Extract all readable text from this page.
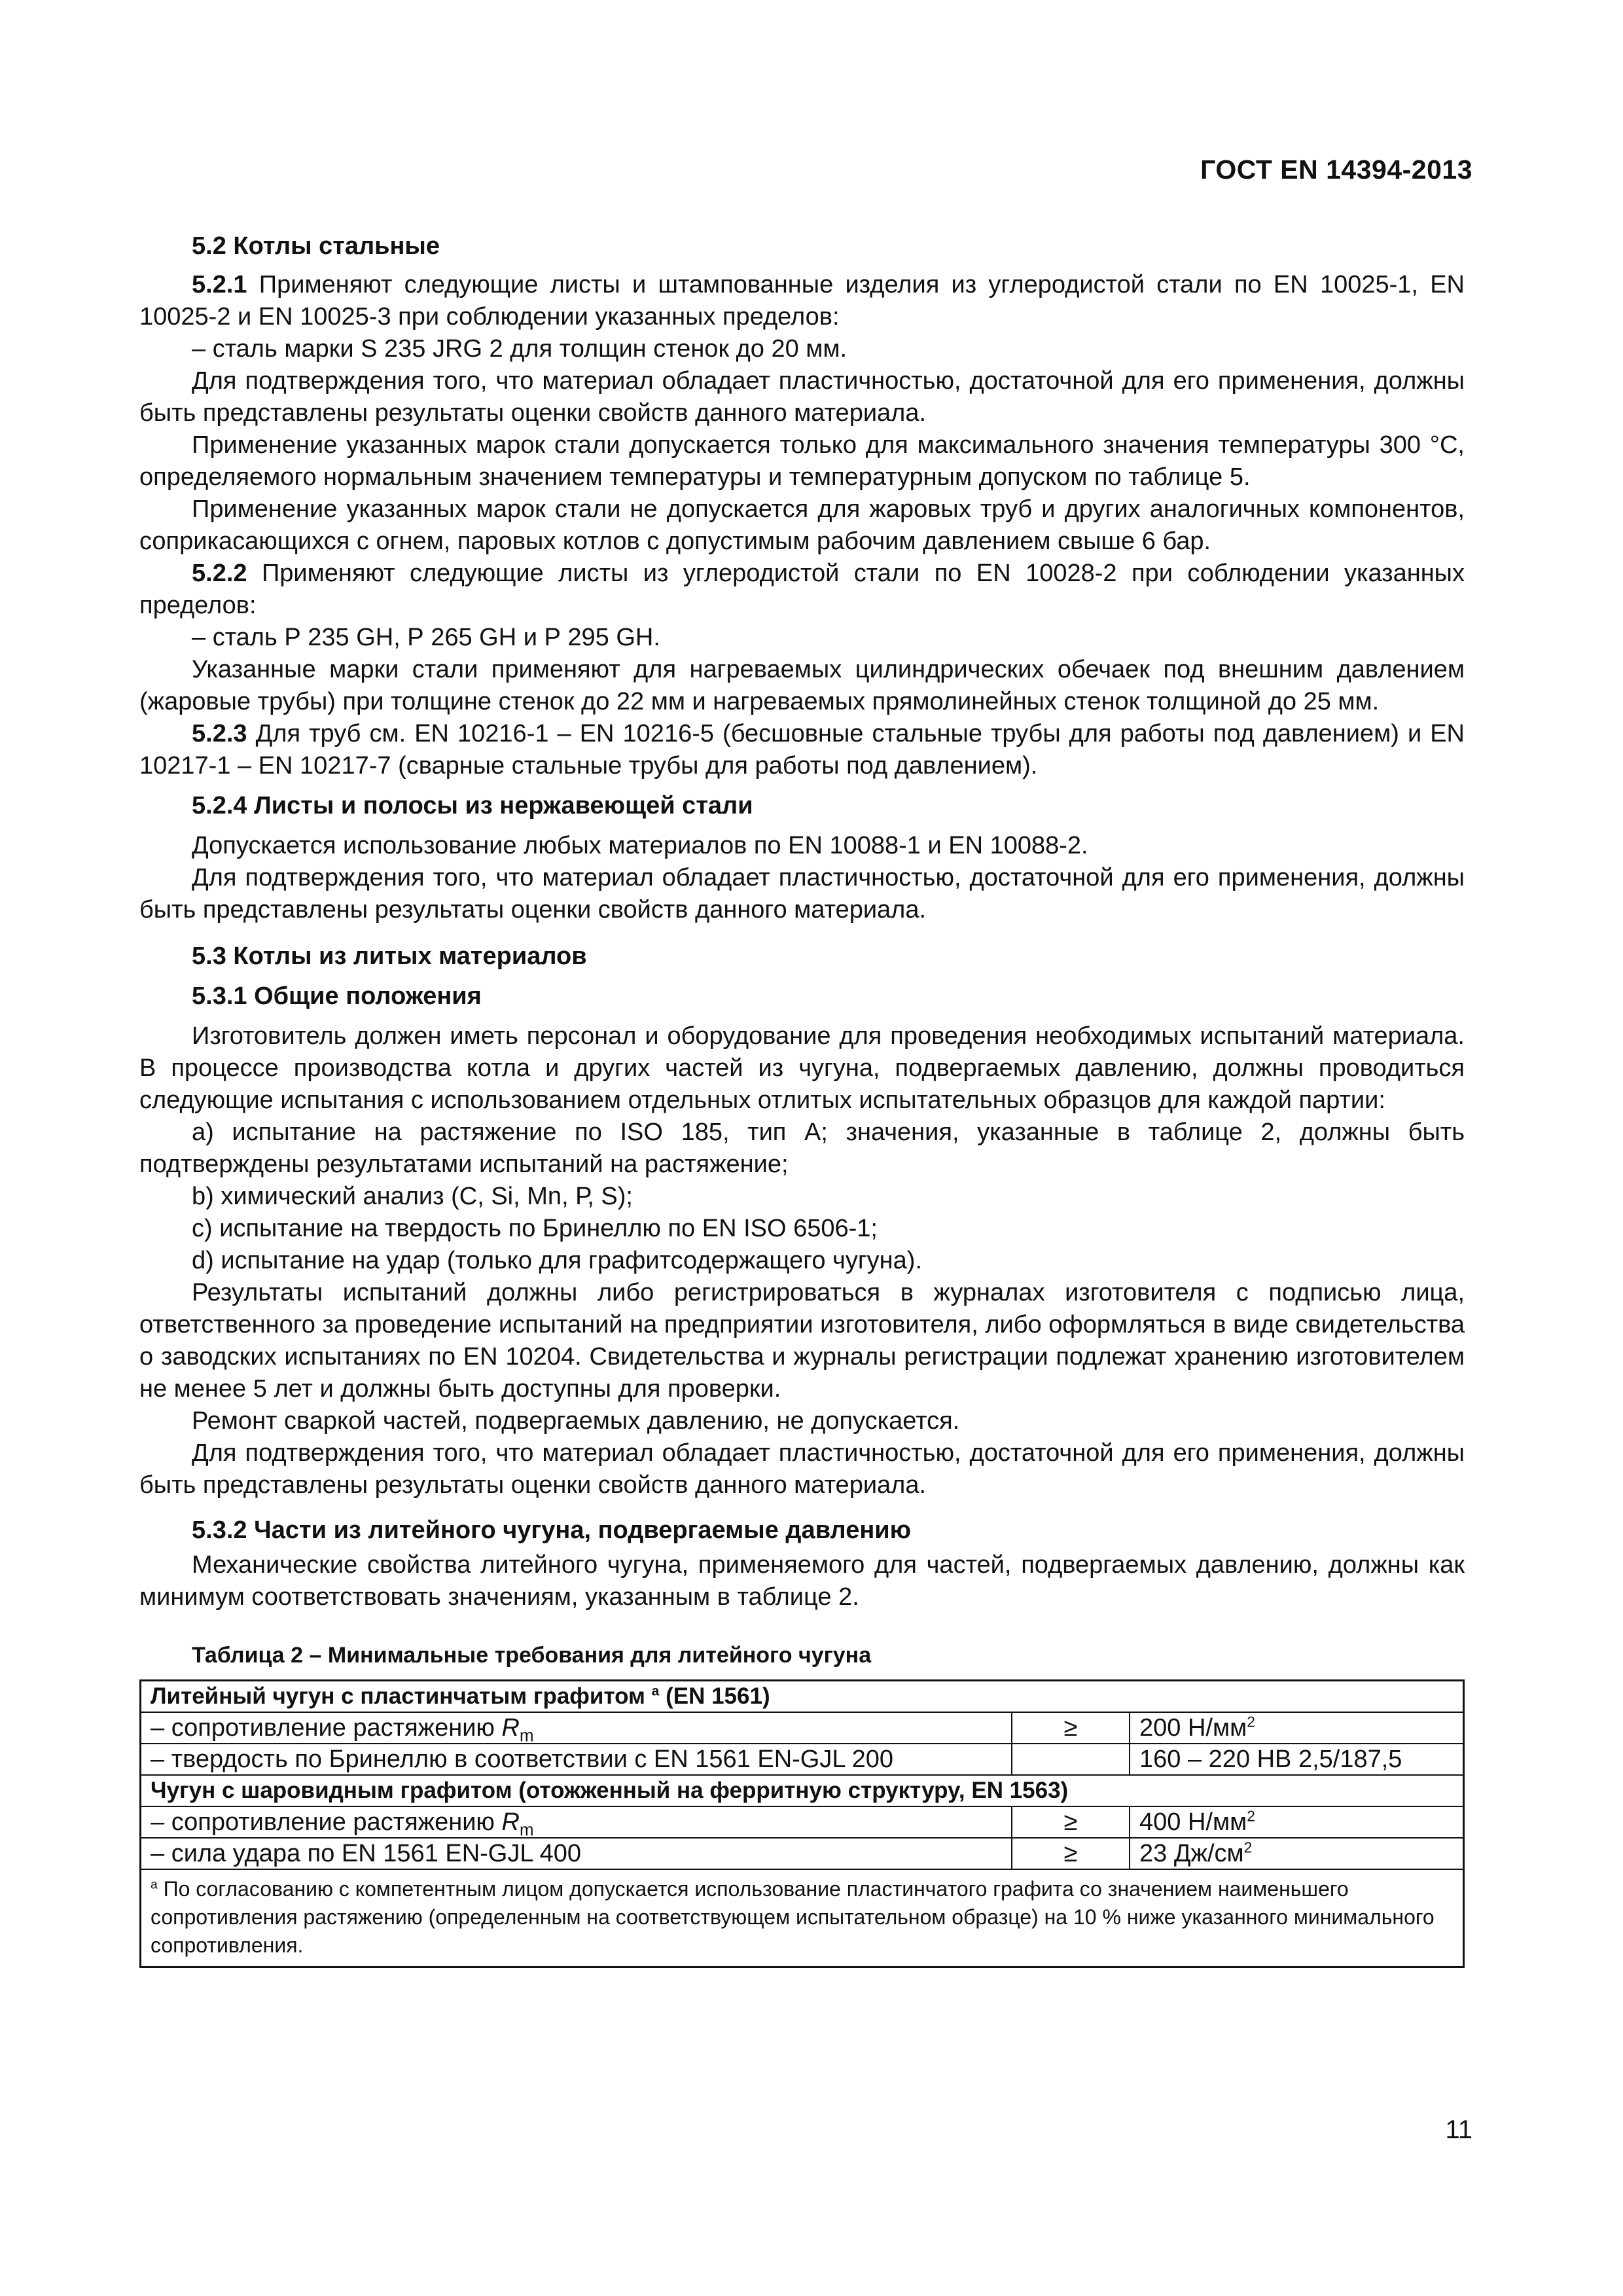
ГОСТ EN 14394-2013

5.2 Котлы стальные

5.2.1 Применяют следующие листы и штампованные изделия из углеродистой стали по EN 10025-1, EN 10025-2 и EN 10025-3 при соблюдении указанных пределов:

– сталь марки S 235 JRG 2 для толщин стенок до 20 мм.

Для подтверждения того, что материал обладает пластичностью, достаточной для его применения, должны быть представлены результаты оценки свойств данного материала.

Применение указанных марок стали допускается только для максимального значения температуры 300 °С, определяемого нормальным значением температуры и температурным допуском по таблице 5.

Применение указанных марок стали не допускается для жаровых труб и других аналогичных компонентов, соприкасающихся с огнем, паровых котлов с допустимым рабочим давлением свыше 6 бар.

5.2.2 Применяют следующие листы из углеродистой стали по EN 10028-2 при соблюдении указанных пределов:

– сталь Р 235 GH, Р 265 GH и Р 295 GH.

Указанные марки стали применяют для нагреваемых цилиндрических обечаек под внешним давлением (жаровые трубы) при толщине стенок до 22 мм и нагреваемых прямолинейных стенок толщиной до 25 мм.

5.2.3 Для труб см. EN 10216-1 – EN 10216-5 (бесшовные стальные трубы для работы под давлением) и EN 10217-1 – EN 10217-7 (сварные стальные трубы для работы под давлением).

5.2.4 Листы и полосы из нержавеющей стали

Допускается использование любых материалов по EN 10088-1 и EN 10088-2.

Для подтверждения того, что материал обладает пластичностью, достаточной для его применения, должны быть представлены результаты оценки свойств данного материала.

5.3 Котлы из литых материалов

5.3.1 Общие положения

Изготовитель должен иметь персонал и оборудование для проведения необходимых испытаний материала. В процессе производства котла и других частей из чугуна, подвергаемых давлению, должны проводиться следующие испытания с использованием отдельных отлитых испытательных образцов для каждой партии:

а) испытание на растяжение по ISO 185, тип А; значения, указанные в таблице 2, должны быть подтверждены результатами испытаний на растяжение;

b) химический анализ (С, Si, Mn, Р, S);

с) испытание на твердость по Бринеллю по EN ISO 6506-1;

d) испытание на удар (только для графитсодержащего чугуна).

Результаты испытаний должны либо регистрироваться в журналах изготовителя с подписью лица, ответственного за проведение испытаний на предприятии изготовителя, либо оформляться в виде свидетельства о заводских испытаниях по EN 10204. Свидетельства и журналы регистрации подлежат хранению изготовителем не менее 5 лет и должны быть доступны для проверки.

Ремонт сваркой частей, подвергаемых давлению, не допускается.

Для подтверждения того, что материал обладает пластичностью, достаточной для его применения, должны быть представлены результаты оценки свойств данного материала.

5.3.2 Части из литейного чугуна, подвергаемые давлению

Механические свойства литейного чугуна, применяемого для частей, подвергаемых давлению, должны как минимум соответствовать значениям, указанным в таблице 2.

Таблица 2 – Минимальные требования для литейного чугуна
Литейный чугун с пластинчатым графитом $^a$ (EN 1561)		
– сопротивление растяжению $R_m$	≥	200 $Н/мм^2$
– твердость по Бринеллю в соответствии с EN 1561 EN-GJL 200		160 – 220 НВ 2,5/187,5
Чугун с шаровидным графитом (отожженный на ферритную структуру, EN 1563)		
– сопротивление растяжению $R_m$	≥	400 $Н/мм^2$
– сила удара по EN 1561 EN-GJL 400	≥	23 $Дж/см^2$
$^a$ По согласованию с компетентным лицом допускается использование пластинчатого графита со значением наименьшего сопротивления растяжению (определенным на соответствующем испытательном образце) на 10 % ниже указанного минимального сопротивления.		
11
